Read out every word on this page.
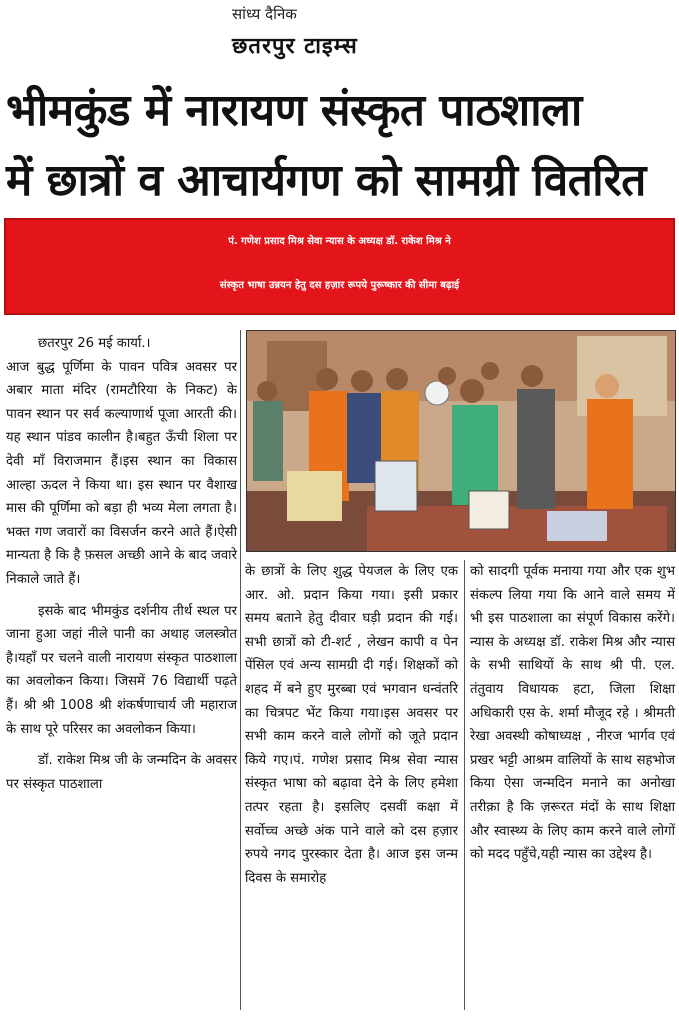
सांध्य दैनिक
छतरपुर टाइम्स
भीमकुंड में नारायण संस्कृत पाठशाला
में छात्रों व आचार्यगण को सामग्री वितरित
पं. गणेश प्रसाद मिश्र सेवा न्यास के अध्यक्ष डॉ. राकेश मिश्र ने
संस्कृत भाषा उन्नयन हेतु दस हज़ार रूपये पुरूष्कार की सीमा बढ़ाई

छतरपुर 26 मई कार्या.।

आज बुद्ध पूर्णिमा के पावन पवित्र अवसर पर अबार माता मंदिर (रामटौरिया के निकट) के पावन स्थान पर सर्व कल्याणार्थ पूजा आरती की।यह स्थान पांडव कालीन है।बहुत ऊँची शिला पर देवी माँ विराजमान हैं।इस स्थान का विकास आल्हा ऊदल ने किया था। इस स्थान पर वैशाख मास की पूर्णिमा को बड़ा ही भव्य मेला लगता है।भक्त गण जवारों का विसर्जन करने आते हैं।ऐसी मान्यता है कि है फ़सल अच्छी आने के बाद जवारे निकाले जाते हैं।

इसके बाद भीमकुंड दर्शनीय तीर्थ स्थल पर जाना हुआ जहां नीले पानी का अथाह जलस्त्रोत है।यहाँ पर चलने वाली नारायण संस्कृत पाठशाला का अवलोकन किया। जिसमें 76 विद्यार्थी पढ़ते हैं। श्री श्री 1008 श्री शंकर्षणाचार्य जी महाराज के साथ पूरे परिसर का अवलोकन किया।

डॉ. राकेश मिश्र जी के जन्मदिन के अवसर पर संस्कृत पाठशाला

के छात्रों के लिए शुद्ध पेयजल के लिए एक आर. ओ. प्रदान किया गया। इसी प्रकार समय बताने हेतु दीवार घड़ी प्रदान की गई। सभी छात्रों को टी-शर्ट , लेखन कापी व पेन पेंसिल एवं अन्य सामग्री दी गई। शिक्षकों को शहद में बने हुए मुरब्बा एवं भगवान धन्वंतरि का चित्रपट भेंट किया गया।इस अवसर पर सभी काम करने वाले लोगों को जूते प्रदान किये गए।पं. गणेश प्रसाद मिश्र सेवा न्यास संस्कृत भाषा को बढ़ावा देने के लिए हमेशा तत्पर रहता है। इसलिए दसवीं कक्षा में सर्वोच्च अच्छे अंक पाने वाले को दस हज़ार रुपये नगद पुरस्कार देता है। आज इस जन्म दिवस के समारोह

को सादगी पूर्वक मनाया गया और एक शुभ संकल्प लिया गया कि आने वाले समय में भी इस पाठशाला का संपूर्ण विकास करेंगे। न्यास के अध्यक्ष डॉ. राकेश मिश्र और न्यास के सभी साथियों के साथ श्री पी. एल. तंतुवाय विधायक हटा, जिला शिक्षा अधिकारी एस के. शर्मा मौजूद रहे । श्रीमती रेखा अवस्थी कोषाध्यक्ष , नीरज भार्गव एवं प्रखर भट्टी आश्रम वालियों के साथ सहभोज किया ऐसा जन्मदिन मनाने का अनोखा तरीक़ा है कि ज़रूरत मंदों के साथ शिक्षा और स्वास्थ्य के लिए काम करने वाले लोगों को मदद पहुँचे,यही न्यास का उद्देश्य है।
